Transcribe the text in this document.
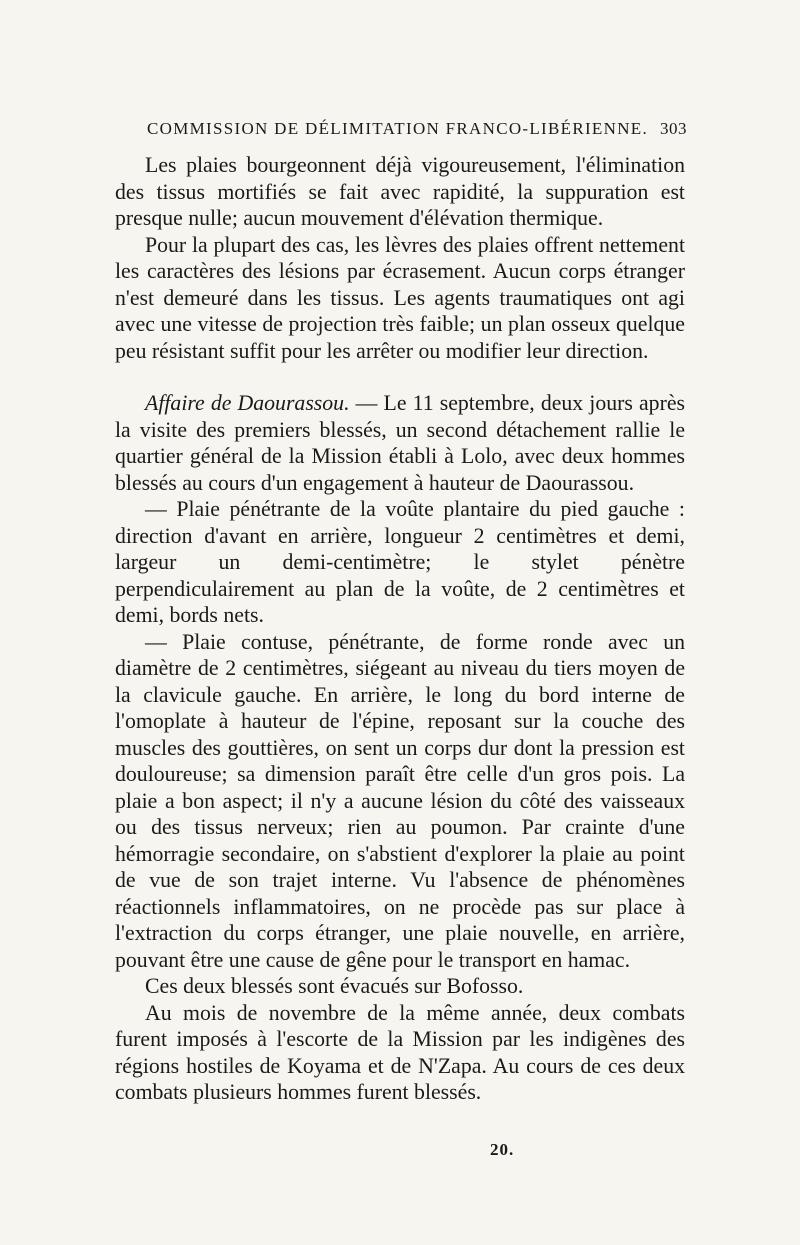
COMMISSION DE DÉLIMITATION FRANCO-LIBÉRIENNE. 303

Les plaies bourgeonnent déjà vigoureusement, l'élimination des tissus mortifiés se fait avec rapidité, la suppuration est presque nulle; aucun mouvement d'élévation thermique.

Pour la plupart des cas, les lèvres des plaies offrent nettement les caractères des lésions par écrasement. Aucun corps étranger n'est demeuré dans les tissus. Les agents traumatiques ont agi avec une vitesse de projection très faible; un plan osseux quelque peu résistant suffit pour les arrêter ou modifier leur direction.

Affaire de Daourassou. — Le 11 septembre, deux jours après la visite des premiers blessés, un second détachement rallie le quartier général de la Mission établi à Lolo, avec deux hommes blessés au cours d'un engagement à hauteur de Daourassou.

— Plaie pénétrante de la voûte plantaire du pied gauche : direction d'avant en arrière, longueur 2 centimètres et demi, largeur un demi-centimètre; le stylet pénètre perpendiculairement au plan de la voûte, de 2 centimètres et demi, bords nets.

— Plaie contuse, pénétrante, de forme ronde avec un diamètre de 2 centimètres, siégeant au niveau du tiers moyen de la clavicule gauche. En arrière, le long du bord interne de l'omoplate à hauteur de l'épine, reposant sur la couche des muscles des gouttières, on sent un corps dur dont la pression est douloureuse; sa dimension paraît être celle d'un gros pois. La plaie a bon aspect; il n'y a aucune lésion du côté des vaisseaux ou des tissus nerveux; rien au poumon. Par crainte d'une hémorragie secondaire, on s'abstient d'explorer la plaie au point de vue de son trajet interne. Vu l'absence de phénomènes réactionnels inflammatoires, on ne procède pas sur place à l'extraction du corps étranger, une plaie nouvelle, en arrière, pouvant être une cause de gêne pour le transport en hamac.

Ces deux blessés sont évacués sur Bofosso.

Au mois de novembre de la même année, deux combats furent imposés à l'escorte de la Mission par les indigènes des régions hostiles de Koyama et de N'Zapa. Au cours de ces deux combats plusieurs hommes furent blessés.

20.
